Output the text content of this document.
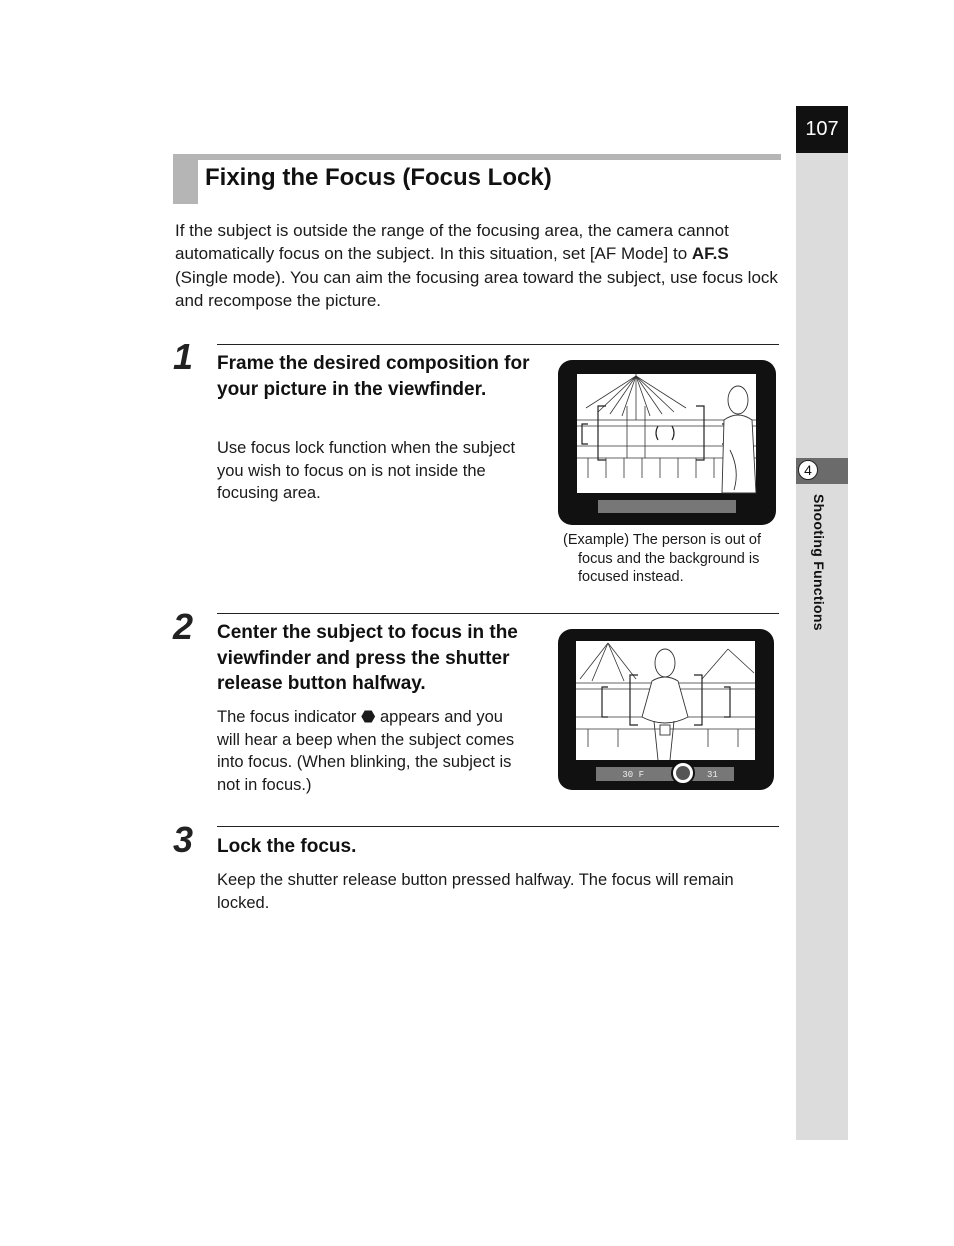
107
4
Shooting Functions
Fixing the Focus (Focus Lock)

If the subject is outside the range of the focusing area, the camera cannot automatically focus on the subject. In this situation, set [AF Mode] to AF.S (Single mode). You can aim the focusing area toward the subject, use focus lock and recompose the picture.

1 Frame the desired composition for your picture in the viewfinder.

Use focus lock function when the subject you wish to focus on is not inside the focusing area.

(Example) The person is out of
focus and the background is focused instead.

2 Center the subject to focus in the viewfinder and press the shutter release button halfway.

The focus indicator ⬣ appears and you will hear a beep when the subject comes into focus. (When blinking, the subject is not in focus.)

30 F	31
3 Lock the focus.

Keep the shutter release button pressed halfway. The focus will remain locked.
